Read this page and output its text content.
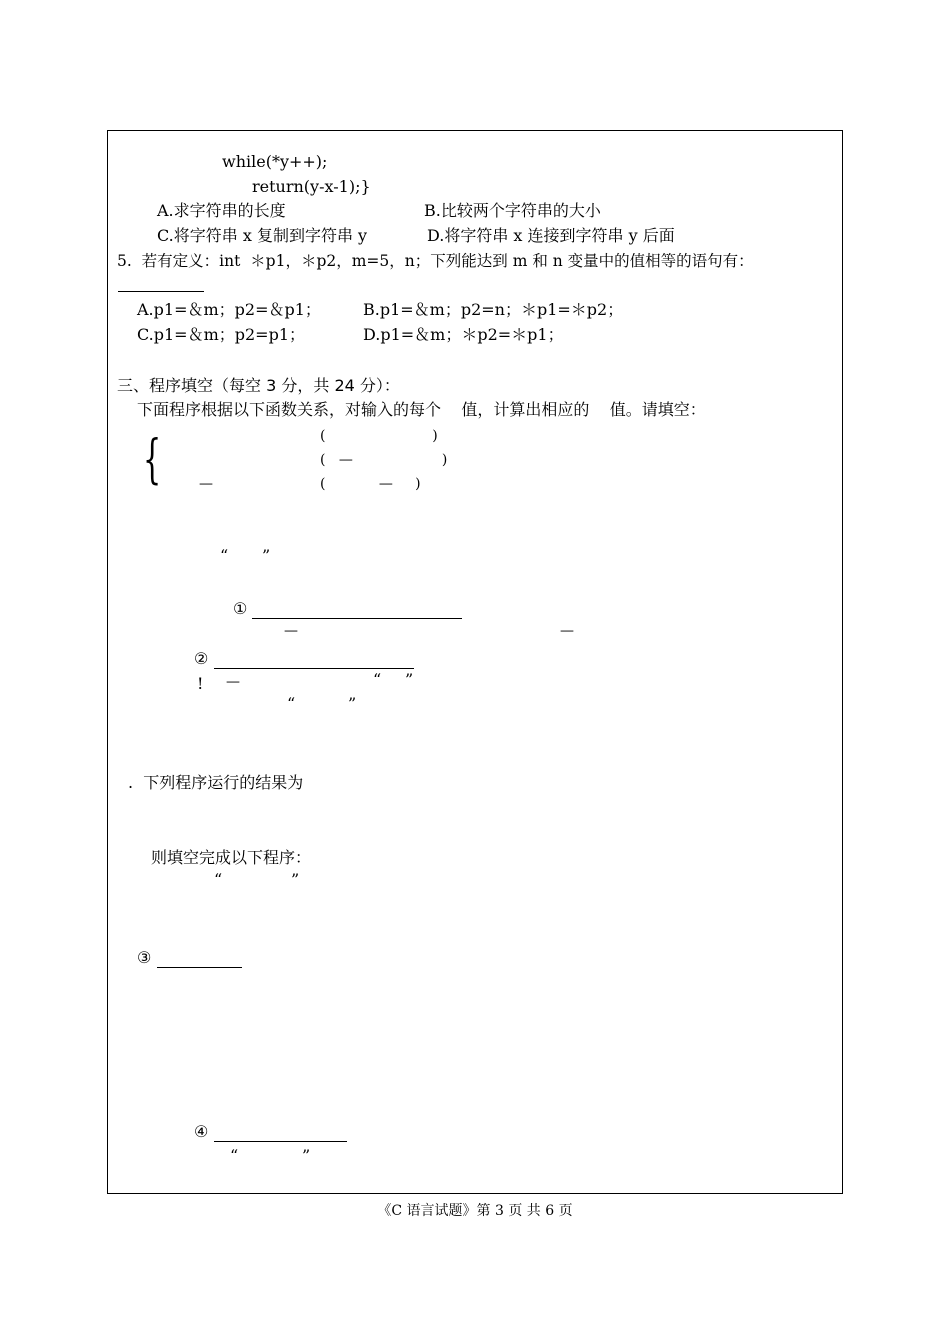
while(*y++);
return(y-x-1);}
A.求字符串的长度	B.比较两个字符串的大小
C.将字符串 x 复制到字符串 y	D.将字符串 x 连接到字符串 y 后面
5.  若有定义：int  ＊p1，＊p2，m=5，n；下列能达到 m 和 n 变量中的值相等的语句有：
A.p1=＆m；p2=＆p1；	B.p1=＆m；p2=n；＊p1=＊p2；
C.p1=＆m；p2=p1；	D.p1=＆m；＊p2=＊p1；
三、程序填空（每空 3 分，共 24 分）：
下面程序根据以下函数关系，对输入的每个    值，计算出相应的    值。请填空：
{	(                        )
(   —                    )
—	(            —     )
“ ”
①
—	—
②
! —	“ ”
“	”
.  下列程序运行的结果为
则填空完成以下程序：
“	”
③
④
“	”
《C 语言试题》第 3 页 共 6 页
